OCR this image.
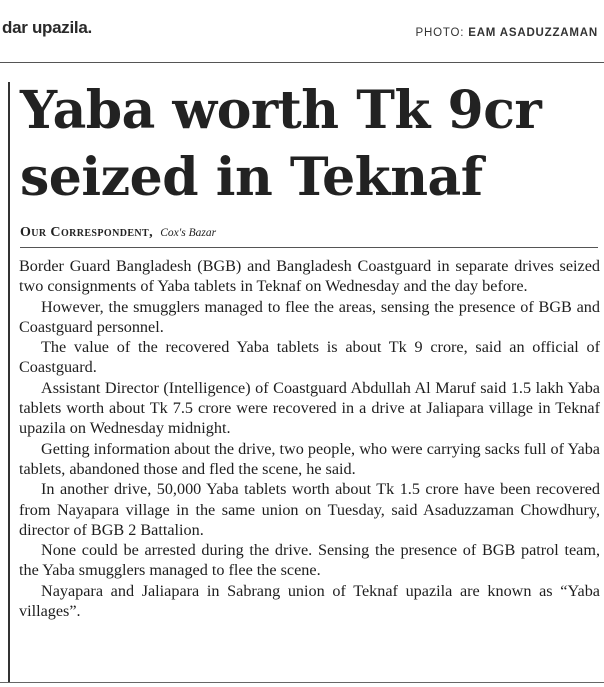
dar upazila.	PHOTO: EAM ASADUZZAMAN
Yaba worth Tk 9cr seized in Teknaf
Our Correspondent, Cox's Bazar

Border Guard Bangladesh (BGB) and Bangladesh Coastguard in separate drives seized two consignments of Yaba tablets in Teknaf on Wednesday and the day before.

However, the smugglers managed to flee the areas, sensing the presence of BGB and Coastguard personnel.

The value of the recovered Yaba tablets is about Tk 9 crore, said an official of Coastguard.

Assistant Director (Intelligence) of Coastguard Abdullah Al Maruf said 1.5 lakh Yaba tablets worth about Tk 7.5 crore were recovered in a drive at Jaliapara village in Teknaf upazila on Wednesday midnight.

Getting information about the drive, two people, who were carrying sacks full of Yaba tablets, abandoned those and fled the scene, he said.

In another drive, 50,000 Yaba tablets worth about Tk 1.5 crore have been recovered from Nayapara village in the same union on Tuesday, said Asaduzzaman Chowdhury, director of BGB 2 Battalion.

None could be arrested during the drive. Sensing the presence of BGB patrol team, the Yaba smugglers managed to flee the scene.

Nayapara and Jaliapara in Sabrang union of Teknaf upazila are known as “Yaba villages”.
